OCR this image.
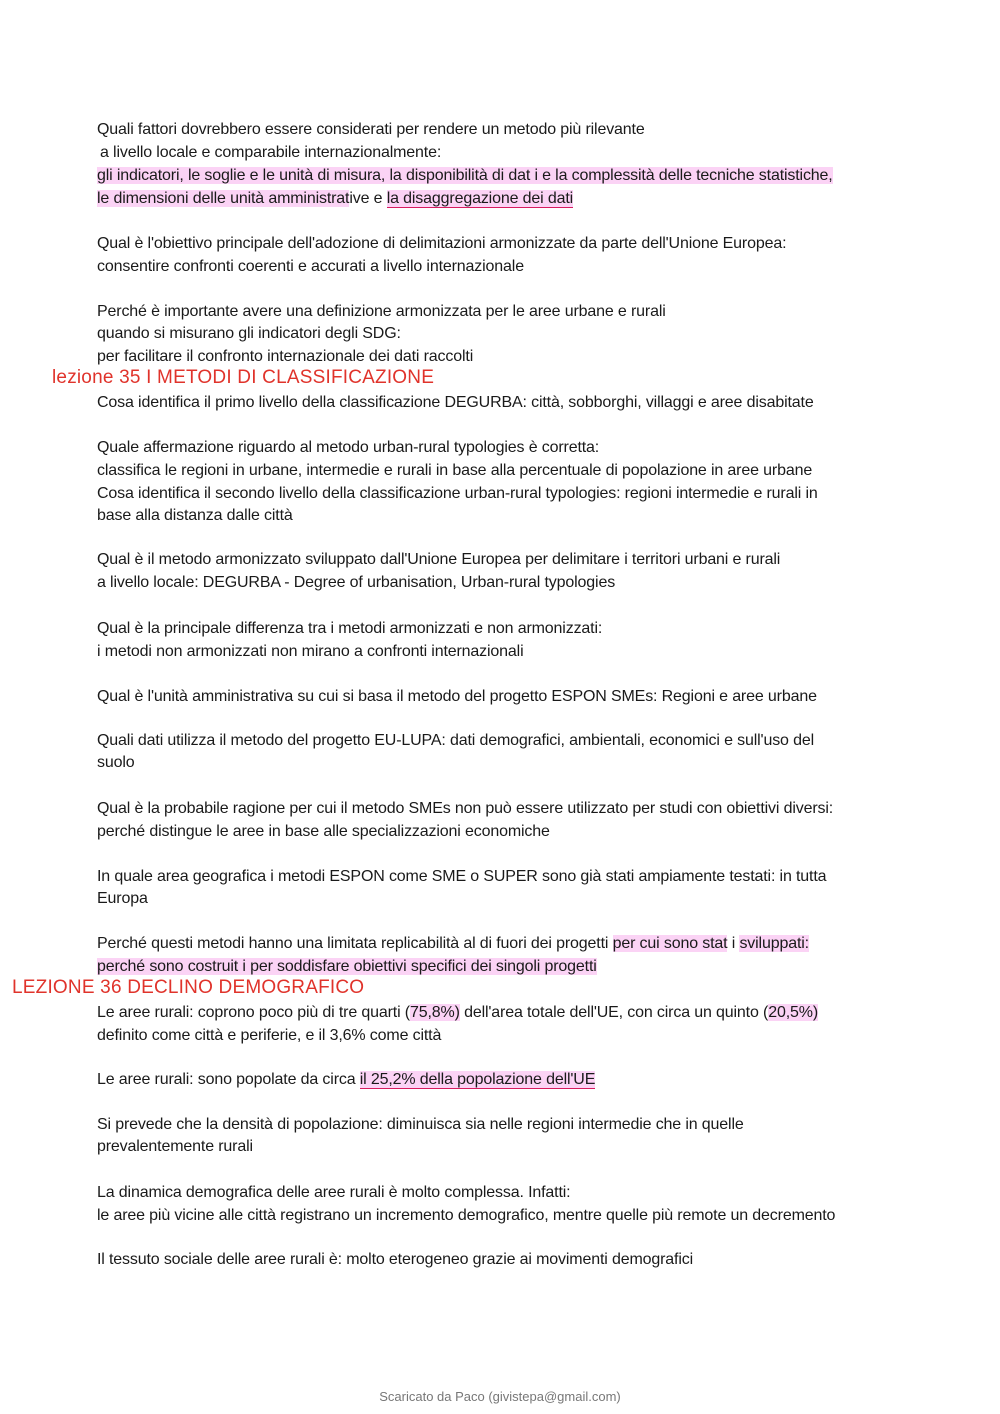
Quali fattori dovrebbero essere considerati per rendere un metodo più rilevante
a livello locale e comparabile internazionalmente:
gli indicatori, le soglie e le unità di misura, la disponibilità di dat i e la complessità delle tecniche statistiche,
le dimensioni delle unità amministrative e la disaggregazione dei dati
Qual è l'obiettivo principale dell'adozione di delimitazioni armonizzate da parte dell'Unione Europea:
consentire confronti coerenti e accurati a livello internazionale
Perché è importante avere una definizione armonizzata per le aree urbane e rurali
quando si misurano gli indicatori degli SDG:
per facilitare il confronto internazionale dei dati raccolti
lezione 35 I METODI DI CLASSIFICAZIONE
Cosa identifica il primo livello della classificazione DEGURBA: città, sobborghi, villaggi e aree disabitate
Quale affermazione riguardo al metodo urban-rural typologies è corretta:
classifica le regioni in urbane, intermedie e rurali in base alla percentuale di popolazione in aree urbane
Cosa identifica il secondo livello della classificazione urban-rural typologies: regioni intermedie e rurali in
base alla distanza dalle città
Qual è il metodo armonizzato sviluppato dall'Unione Europea per delimitare i territori urbani e rurali
a livello locale: DEGURBA - Degree of urbanisation, Urban-rural typologies
Qual è la principale differenza tra i metodi armonizzati e non armonizzati:
i metodi non armonizzati non mirano a confronti internazionali
Qual è l'unità amministrativa su cui si basa il metodo del progetto ESPON SMEs: Regioni e aree urbane
Quali dati utilizza il metodo del progetto EU-LUPA: dati demografici, ambientali, economici e sull'uso del
suolo
Qual è la probabile ragione per cui il metodo SMEs non può essere utilizzato per studi con obiettivi diversi:
perché distingue le aree in base alle specializzazioni economiche
In quale area geografica i metodi ESPON come SME o SUPER sono già stati ampiamente testati: in tutta
Europa
Perché questi metodi hanno una limitata replicabilità al di fuori dei progetti per cui sono stat i sviluppati:
perché sono costruit i per soddisfare obiettivi specifici dei singoli progetti
LEZIONE 36 DECLINO DEMOGRAFICO
Le aree rurali: coprono poco più di tre quarti (75,8%) dell'area totale dell'UE, con circa un quinto (20,5%)
definito come città e periferie, e il 3,6% come città
Le aree rurali: sono popolate da circa il 25,2% della popolazione dell'UE
Si prevede che la densità di popolazione: diminuisca sia nelle regioni intermedie che in quelle
prevalentemente rurali
La dinamica demografica delle aree rurali è molto complessa. Infatti:
le aree più vicine alle città registrano un incremento demografico, mentre quelle più remote un decremento
Il tessuto sociale delle aree rurali è: molto eterogeneo grazie ai movimenti demografici
Scaricato da Paco (givistepa@gmail.com)
